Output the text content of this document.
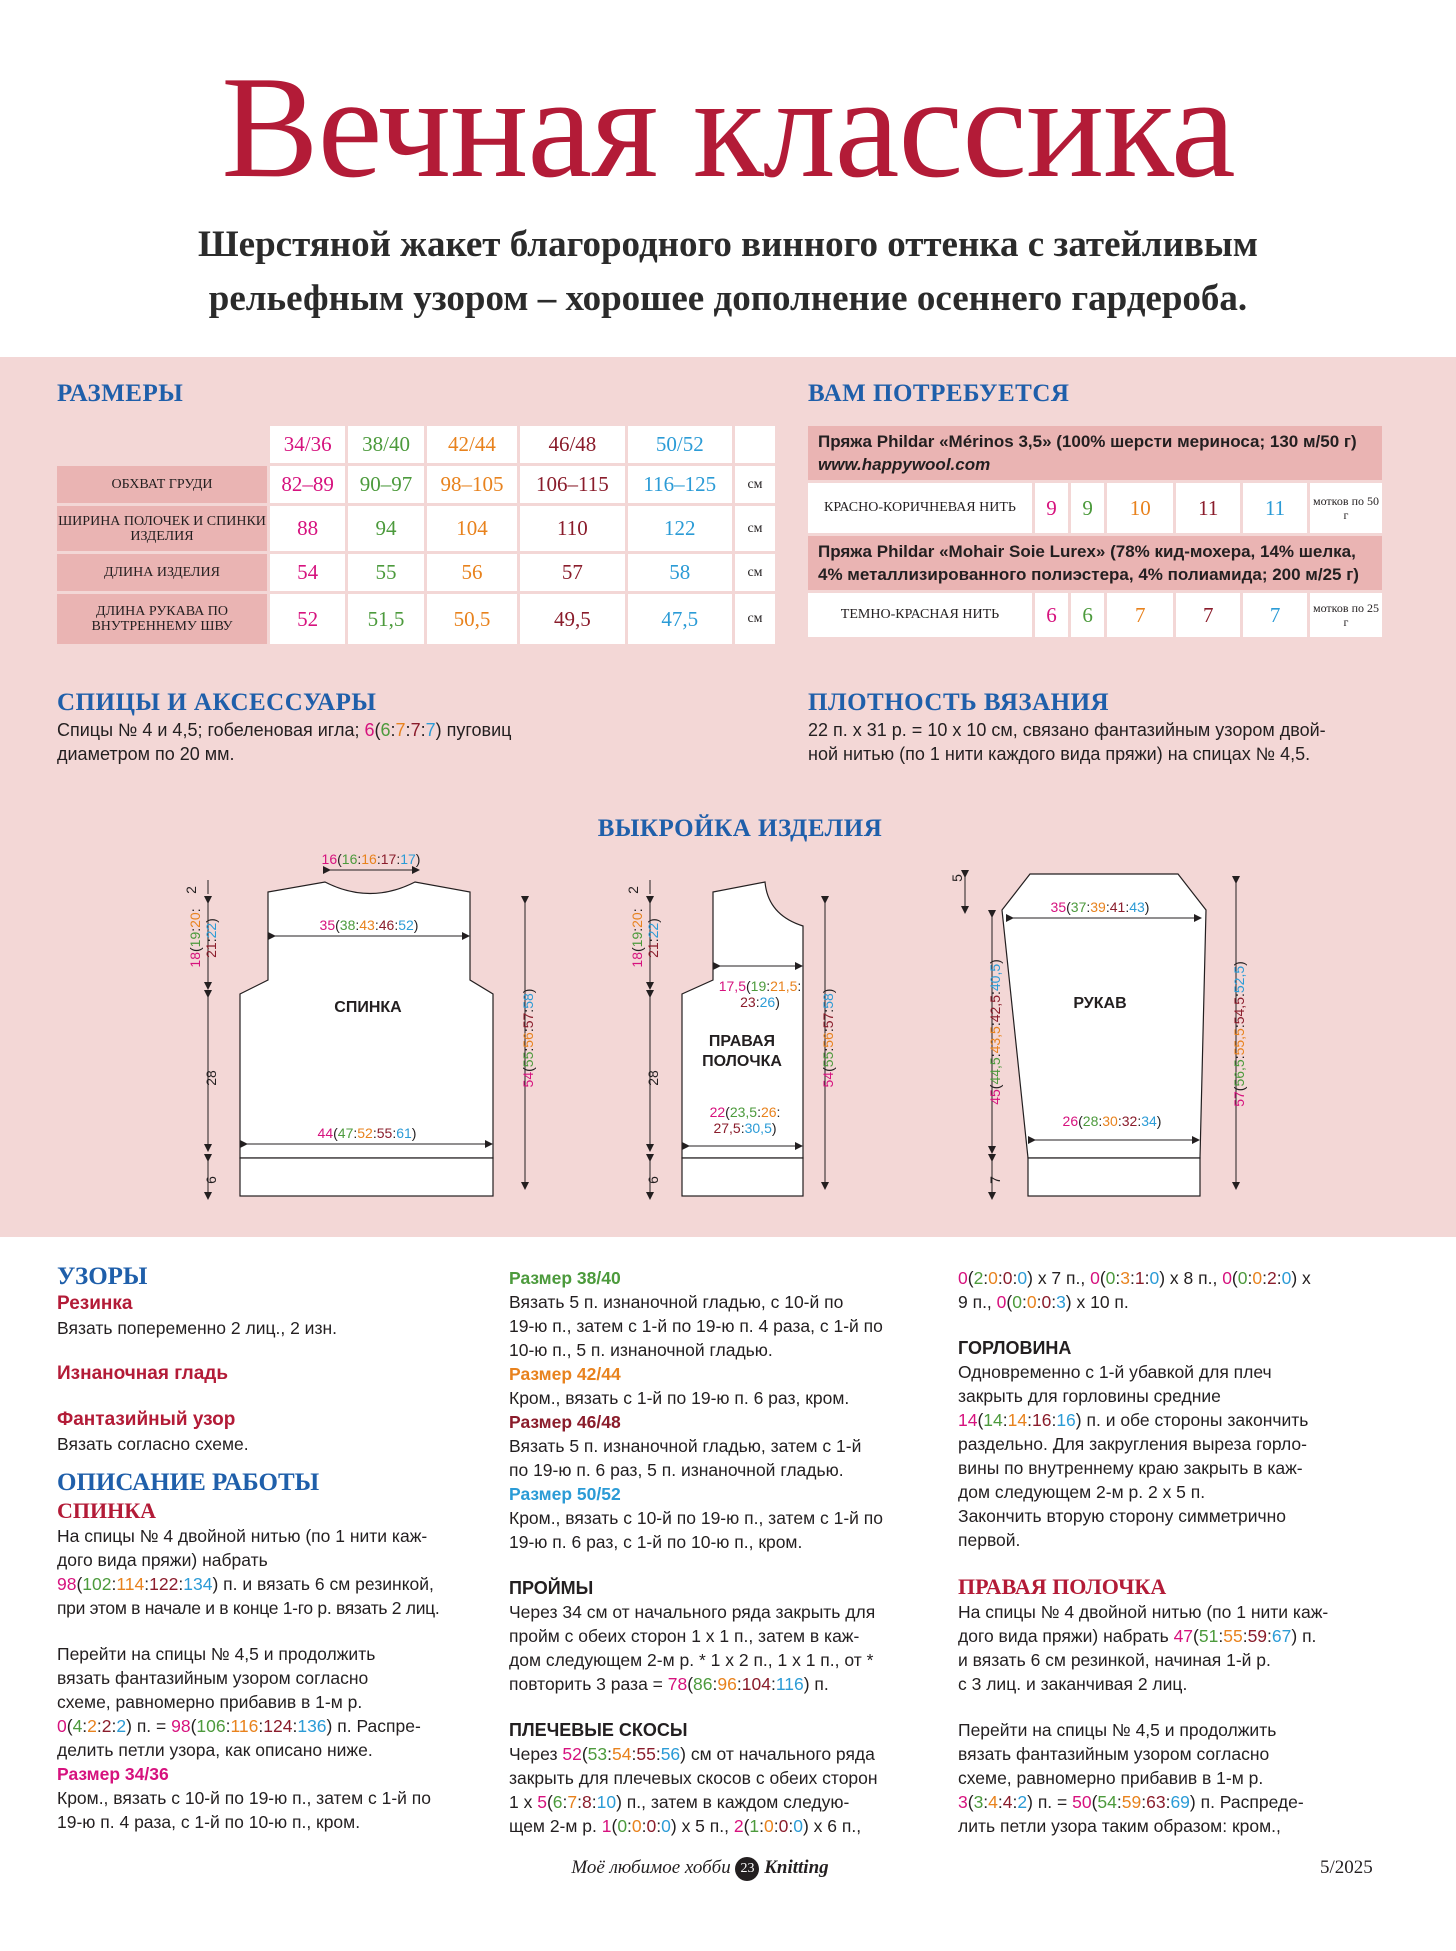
Вечная классика
Шерстяной жакет благородного винного оттенка с затейливым
рельефным узором – хорошее дополнение осеннего гардероба.
РАЗМЕРЫ
	34/36	38/40	42/44	46/48	50/52	
ОБХВАТ ГРУДИ	82–89	90–97	98–105	106–115	116–125	см
ШИРИНА ПОЛОЧЕК И СПИНКИ ИЗДЕЛИЯ	88	94	104	110	122	см
ДЛИНА ИЗДЕЛИЯ	54	55	56	57	58	см
ДЛИНА РУКАВА ПО ВНУТРЕННЕМУ ШВУ	52	51,5	50,5	49,5	47,5	см
ВАМ ПОТРЕБУЕТСЯ
Пряжа Phildar «Mérinos 3,5» (100% шерсти мериноса; 130 м/50 г)
www.happywool.com						

КРАСНО-КОРИЧНЕВАЯ НИТЬ	9	9	10	11	11	мотков по 50 г
Пряжа Phildar «Mohair Soie Lurex» (78% кид-мохера, 14% шелка, 4% металлизированного полиэстера, 4% полиамида; 200 м/25 г)						
ТЕМНО-КРАСНАЯ НИТЬ	6	6	7	7	7	мотков по 25 г
СПИЦЫ И АКСЕССУАРЫ
Спицы № 4 и 4,5; гобеленовая игла; 6(6:7:7:7) пуговиц
диаметром по 20 мм.
ПЛОТНОСТЬ ВЯЗАНИЯ
22 п. х 31 р. = 10 х 10 см, связано фантазийным узором двой-
ной нитью (по 1 нити каждого вида пряжи) на спицах № 4,5.
ВЫКРОЙКА ИЗДЕЛИЯ
16(16:16:17:17)
35(38:43:46:52)
44(47:52:55:61)
СПИНКА
ПРАВАЯ
ПОЛОЧКА
РУКАВ
18(19:20:
21:22)
28
6
2
54(55:56:57:58)
18(19:20:
21:22)
28
6
2
54(55:56:57:58)
17,5(19:21,5:
23:26)
22(23,5:26:
27,5:30,5)
35(37:39:41:43)
26(28:30:32:34)
45(44,5:43,5:42,5:40,5)
57(56,5:55,5:54,5:52,5)
5
7
УЗОРЫ
Резинка

Вязать попеременно 2 лиц., 2 изн.

Изнаночная гладь
Фантазийный узор

Вязать согласно схеме.

ОПИСАНИЕ РАБОТЫ
СПИНКА

На спицы № 4 двойной нитью (по 1 нити каж-

дого вида пряжи) набрать

98(102:114:122:134) п. и вязать 6 см резинкой,

при этом в начале и в конце 1-го р. вязать 2 лиц.

Перейти на спицы № 4,5 и продолжить

вязать фантазийным узором согласно

схеме, равномерно прибавив в 1-м р.

0(4:2:2:2) п. = 98(106:116:124:136) п. Распре-

делить петли узора, как описано ниже.

Размер 34/36

Кром., вязать с 10-й по 19-ю п., затем с 1-й по

19-ю п. 4 раза, с 1-й по 10-ю п., кром.

Размер 38/40

Вязать 5 п. изнаночной гладью, с 10-й по

19-ю п., затем с 1-й по 19-ю п. 4 раза, с 1-й по

10-ю п., 5 п. изнаночной гладью.

Размер 42/44

Кром., вязать с 1-й по 19-ю п. 6 раз, кром.

Размер 46/48

Вязать 5 п. изнаночной гладью, затем с 1-й

по 19-ю п. 6 раз, 5 п. изнаночной гладью.

Размер 50/52

Кром., вязать с 10-й по 19-ю п., затем с 1-й по

19-ю п. 6 раз, с 1-й по 10-ю п., кром.

ПРОЙМЫ

Через 34 см от начального ряда закрыть для

пройм с обеих сторон 1 х 1 п., затем в каж-

дом следующем 2-м р. * 1 х 2 п., 1 х 1 п., от *

повторить 3 раза = 78(86:96:104:116) п.

ПЛЕЧЕВЫЕ СКОСЫ

Через 52(53:54:55:56) см от начального ряда

закрыть для плечевых скосов с обеих сторон

1 х 5(6:7:8:10) п., затем в каждом следую-

щем 2-м р. 1(0:0:0:0) х 5 п., 2(1:0:0:0) х 6 п.,

0(2:0:0:0) х 7 п., 0(0:3:1:0) х 8 п., 0(0:0:2:0) х

9 п., 0(0:0:0:3) х 10 п.

ГОРЛОВИНА

Одновременно с 1-й убавкой для плеч

закрыть для горловины средние

14(14:14:16:16) п. и обе стороны закончить

раздельно. Для закругления выреза горло-

вины по внутреннему краю закрыть в каж-

дом следующем 2-м р. 2 х 5 п.

Закончить вторую сторону симметрично

первой.

ПРАВАЯ ПОЛОЧКА

На спицы № 4 двойной нитью (по 1 нити каж-

дого вида пряжи) набрать 47(51:55:59:67) п.

и вязать 6 см резинкой, начиная 1-й р.

с 3 лиц. и заканчивая 2 лиц.

Перейти на спицы № 4,5 и продолжить

вязать фантазийным узором согласно

схеме, равномерно прибавив в 1-м р.

3(3:4:4:2) п. = 50(54:59:63:69) п. Распреде-

лить петли узора таким образом: кром.,

Моё любимое хобби 23 Knitting	5/2025
